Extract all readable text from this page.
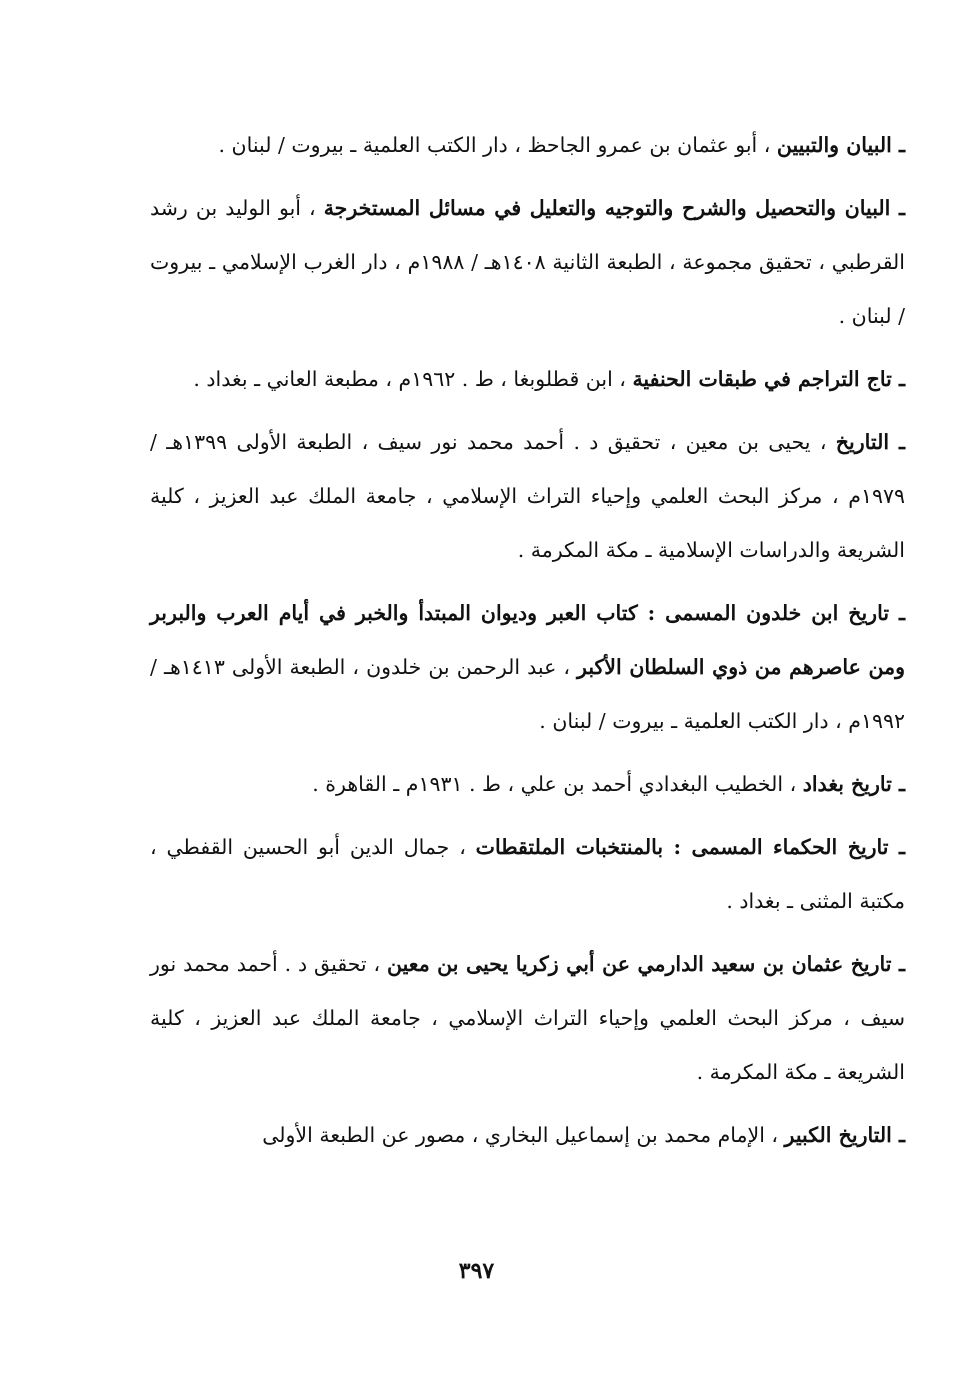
ـ البيان والتبيين ، أبو عثمان بن عمرو الجاحظ ، دار الكتب العلمية ـ بيروت / لبنان .

ـ البيان والتحصيل والشرح والتوجيه والتعليل في مسائل المستخرجة ، أبو الوليد بن رشد القرطبي ، تحقيق مجموعة ، الطبعة الثانية ١٤٠٨هـ / ١٩٨٨م ، دار الغرب الإسلامي ـ بيروت / لبنان .

ـ تاج التراجم في طبقات الحنفية ، ابن قطلوبغا ، ط . ١٩٦٢م ، مطبعة العاني ـ بغداد .

ـ التاريخ ، يحيى بن معين ، تحقيق د . أحمد محمد نور سيف ، الطبعة الأولى ١٣٩٩هـ / ١٩٧٩م ، مركز البحث العلمي وإحياء التراث الإسلامي ، جامعة الملك عبد العزيز ، كلية الشريعة والدراسات الإسلامية ـ مكة المكرمة .

ـ تاريخ ابن خلدون المسمى : كتاب العبر وديوان المبتدأ والخبر في أيام العرب والبربر ومن عاصرهم من ذوي السلطان الأكبر ، عبد الرحمن بن خلدون ، الطبعة الأولى ١٤١٣هـ / ١٩٩٢م ، دار الكتب العلمية ـ بيروت / لبنان .

ـ تاريخ بغداد ، الخطيب البغدادي أحمد بن علي ، ط . ١٩٣١م ـ القاهرة .

ـ تاريخ الحكماء المسمى : بالمنتخبات الملتقطات ، جمال الدين أبو الحسين القفطي ، مكتبة المثنى ـ بغداد .

ـ تاريخ عثمان بن سعيد الدارمي عن أبي زكريا يحيى بن معين ، تحقيق د . أحمد محمد نور سيف ، مركز البحث العلمي وإحياء التراث الإسلامي ، جامعة الملك عبد العزيز ، كلية الشريعة ـ مكة المكرمة .

ـ التاريخ الكبير ، الإمام محمد بن إسماعيل البخاري ، مصور عن الطبعة الأولى

٣٩٧
